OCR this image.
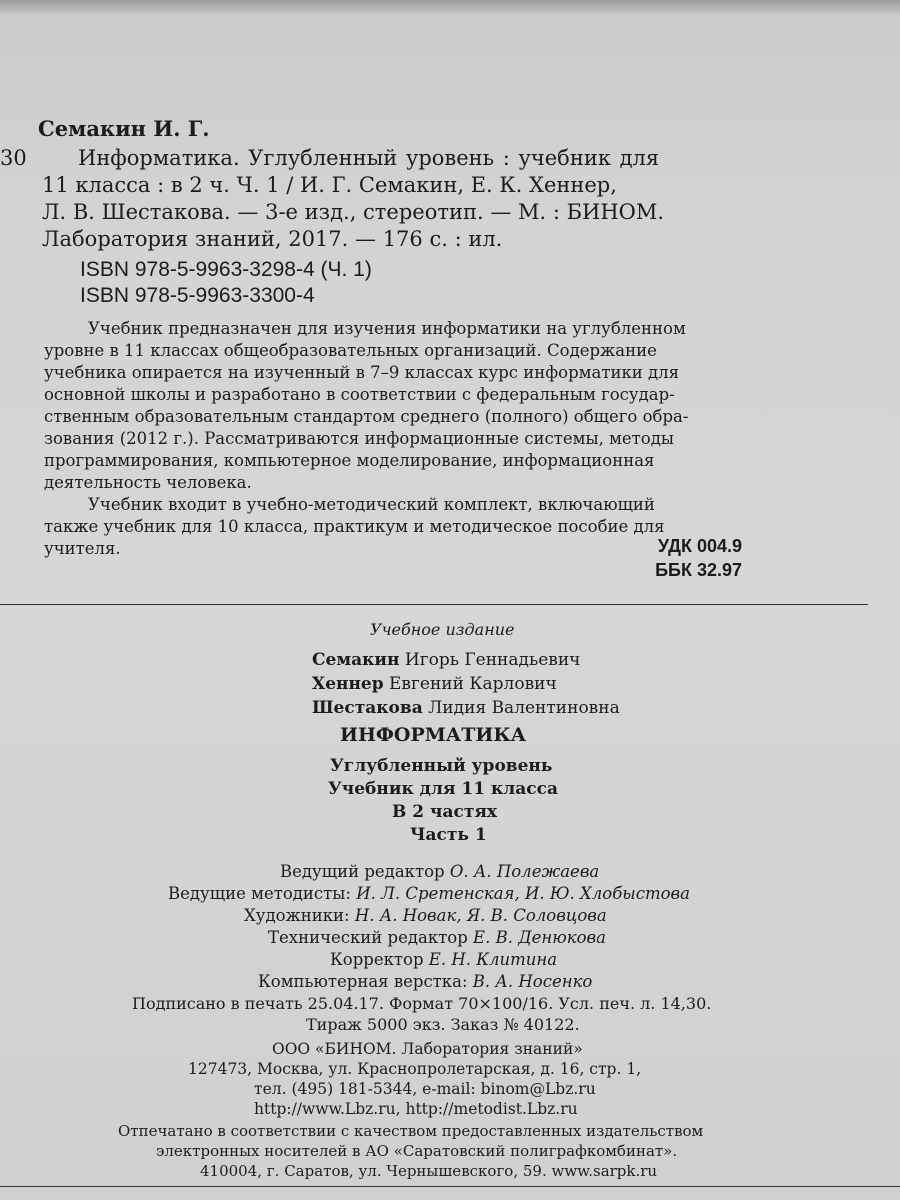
Семакин И. Г.
30 Информатика. Углубленный уровень : учебник для
11 класса : в 2 ч. Ч. 1 / И. Г. Семакин, Е. К. Хеннер,
Л. В. Шестакова. — 3-е изд., стереотип. — М. : БИНОМ.
Лаборатория знаний, 2017. — 176 с. : ил.
ISBN 978-5-9963-3298-4 (Ч. 1)
ISBN 978-5-9963-3300-4
Учебник предназначен для изучения информатики на углубленном
уровне в 11 классах общеобразовательных организаций. Содержание
учебника опирается на изученный в 7–9 классах курс информатики для
основной школы и разработано в соответствии с федеральным государ-
ственным образовательным стандартом среднего (полного) общего обра-
зования (2012 г.). Рассматриваются информационные системы, методы
программирования, компьютерное моделирование, информационная
деятельность человека.
Учебник входит в учебно-методический комплект, включающий
также учебник для 10 класса, практикум и методическое пособие для
учителя.	УДК 004.9
ББК 32.97
Учебное издание
Семакин Игорь Геннадьевич
Хеннер Евгений Карлович
Шестакова Лидия Валентиновна
ИНФОРМАТИКА
Углубленный уровень
Учебник для 11 класса
В 2 частях
Часть 1
Ведущий редактор О. А. Полежаева
Ведущие методисты: И. Л. Сретенская, И. Ю. Хлобыстова
Художники: Н. А. Новак, Я. В. Соловцова
Технический редактор Е. В. Денюкова
Корректор Е. Н. Клитина
Компьютерная верстка: В. А. Носенко
Подписано в печать 25.04.17. Формат 70×100/16. Усл. печ. л. 14,30.
Тираж 5000 экз. Заказ № 40122.
ООО «БИНОМ. Лаборатория знаний»
127473, Москва, ул. Краснопролетарская, д. 16, стр. 1,
тел. (495) 181-5344, e-mail: binom@Lbz.ru
http://www.Lbz.ru, http://metodist.Lbz.ru
Отпечатано в соответствии с качеством предоставленных издательством
электронных носителей в АО «Саратовский полиграфкомбинат».
410004, г. Саратов, ул. Чернышевского, 59. www.sarpk.ru
